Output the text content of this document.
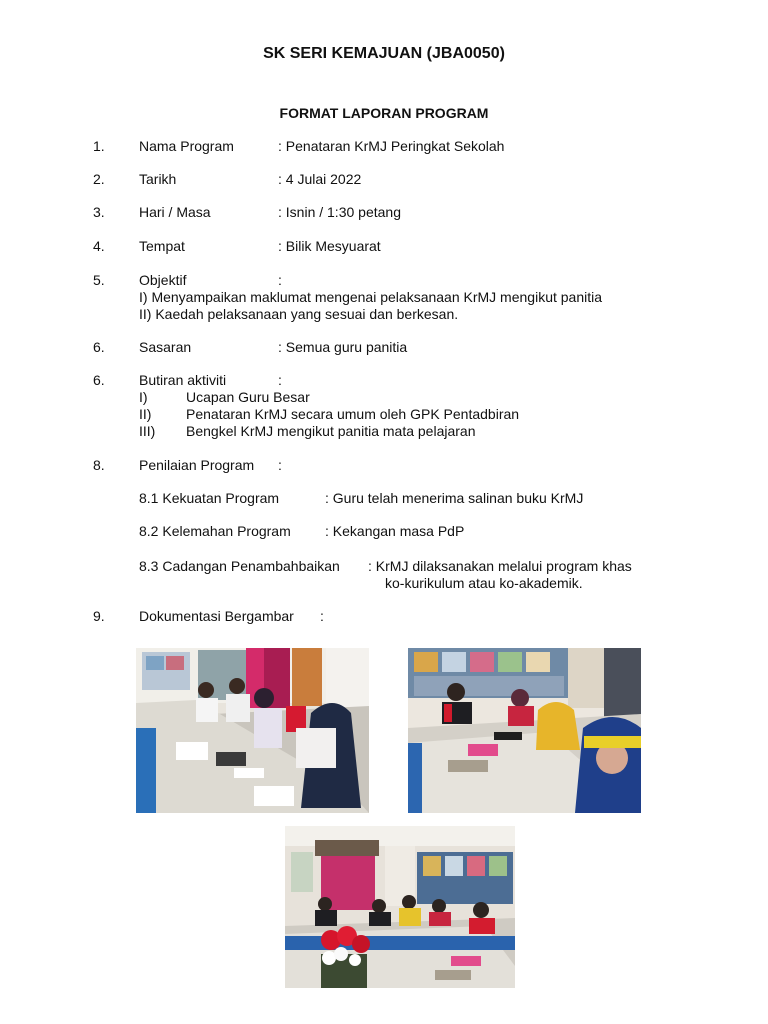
SK SERI KEMAJUAN (JBA0050)
FORMAT LAPORAN PROGRAM
1. Nama Program	: Penataran KrMJ Peringkat Sekolah
2. Tarikh	: 4 Julai 2022
3. Hari / Masa	: Isnin / 1:30 petang
4. Tempat	: Bilik Mesyuarat
5. Objektif	:
I) Menyampaikan maklumat mengenai pelaksanaan KrMJ mengikut panitia
II) Kaedah pelaksanaan yang sesuai dan berkesan.
6. Sasaran	: Semua guru panitia
6. Butiran aktiviti	:
I)	Ucapan Guru Besar
II) Penataran KrMJ secara umum oleh GPK Pentadbiran
III) Bengkel KrMJ mengikut panitia mata pelajaran
8. Penilaian Program :
8.1 Kekuatan Program	: Guru telah menerima salinan buku KrMJ
8.2 Kelemahan Program : Kekangan masa PdP
8.3 Cadangan Penambahbaikan : KrMJ dilaksanakan melalui program khas
ko-kurikulum atau ko-akademik.
9. Dokumentasi Bergambar :
